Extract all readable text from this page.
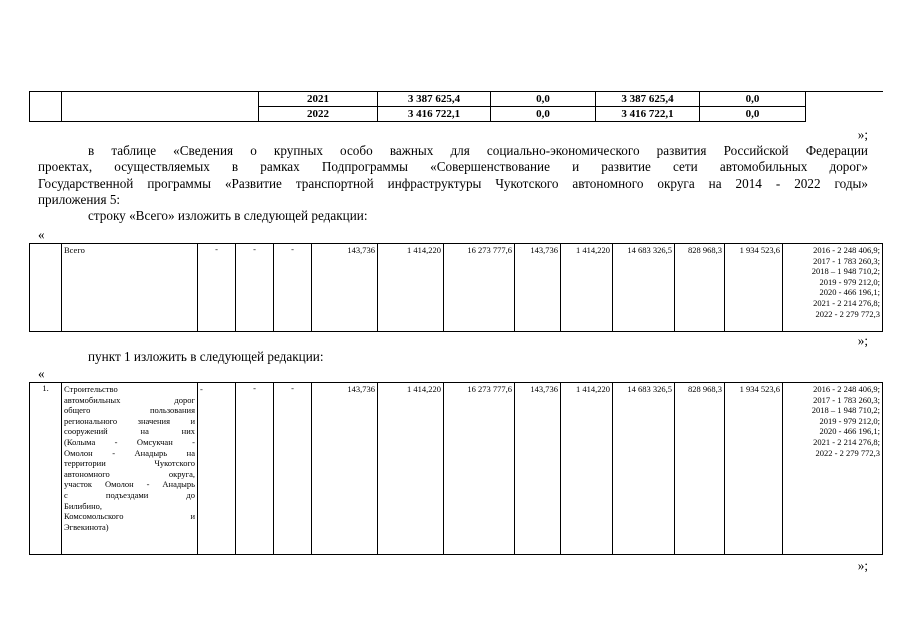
		2021	3 387 625,4	0,0	3 387 625,4	0,0	
		2022	3 416 722,1	0,0	3 416 722,1	0,0	
»;
в таблице «Сведения о крупных особо важных для социально-экономического развития Российской Федерации
проектах, осуществляемых в рамках Подпрограммы «Совершенствование и развитие сети автомобильных дорог»
Государственной программы «Развитие транспортной инфраструктуры Чукотского автономного округа на 2014 - 2022 годы»
приложения 5:
строку «Всего» изложить в следующей редакции:
«
	Всего	-	-	-	143,736	1 414,220	16 273 777,6	143,736	1 414,220	14 683 326,5	828 968,3	1 934 523,6	2016 - 2 248 406,9;
2017 - 1 783 260,3;
2018 – 1 948 710,2;
2019 - 979 212,0;
2020 - 466 196,1;
2021 - 2 214 276,8;
2022 - 2 279 772,3
»;
пункт 1 изложить в следующей редакции:
«
1.	Строительство
автомобильных дорог
общего пользования
регионального значения и
сооружений на них
(Колыма - Омсукчан -
Омолон - Анадырь на
территории Чукотского
автономного округа,
участок Омолон - Анадырь
с подъездами до
Билибино,
Комсомольского и
Эгвекинота)
	-	-	-	143,736	1 414,220	16 273 777,6	143,736	1 414,220	14 683 326,5	828 968,3	1 934 523,6	2016 - 2 248 406,9;
2017 - 1 783 260,3;
2018 – 1 948 710,2;
2019 - 979 212,0;
2020 - 466 196,1;
2021 - 2 214 276,8;
2022 - 2 279 772,3
»;
